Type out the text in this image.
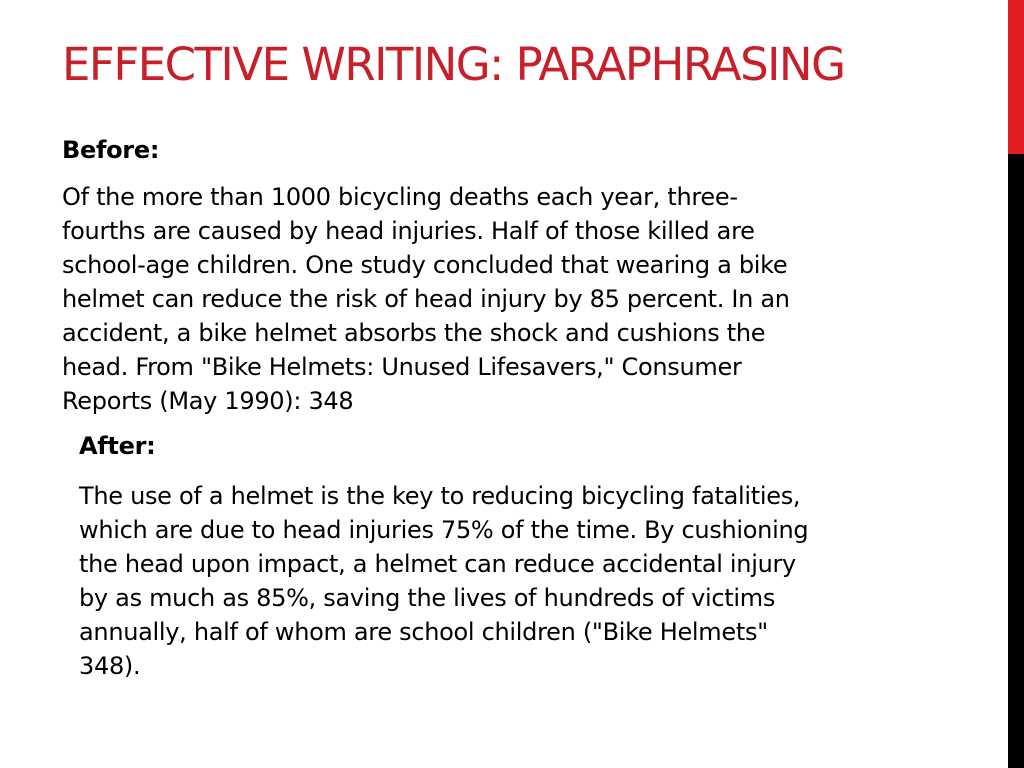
EFFECTIVE WRITING: PARAPHRASING
Before:
Of the more than 1000 bicycling deaths each year, three-
fourths are caused by head injuries. Half of those killed are
school-age children. One study concluded that wearing a bike
helmet can reduce the risk of head injury by 85 percent. In an
accident, a bike helmet absorbs the shock and cushions the
head. From "Bike Helmets: Unused Lifesavers," Consumer
Reports (May 1990): 348
After:
The use of a helmet is the key to reducing bicycling fatalities,
which are due to head injuries 75% of the time. By cushioning
the head upon impact, a helmet can reduce accidental injury
by as much as 85%, saving the lives of hundreds of victims
annually, half of whom are school children ("Bike Helmets"
348).
